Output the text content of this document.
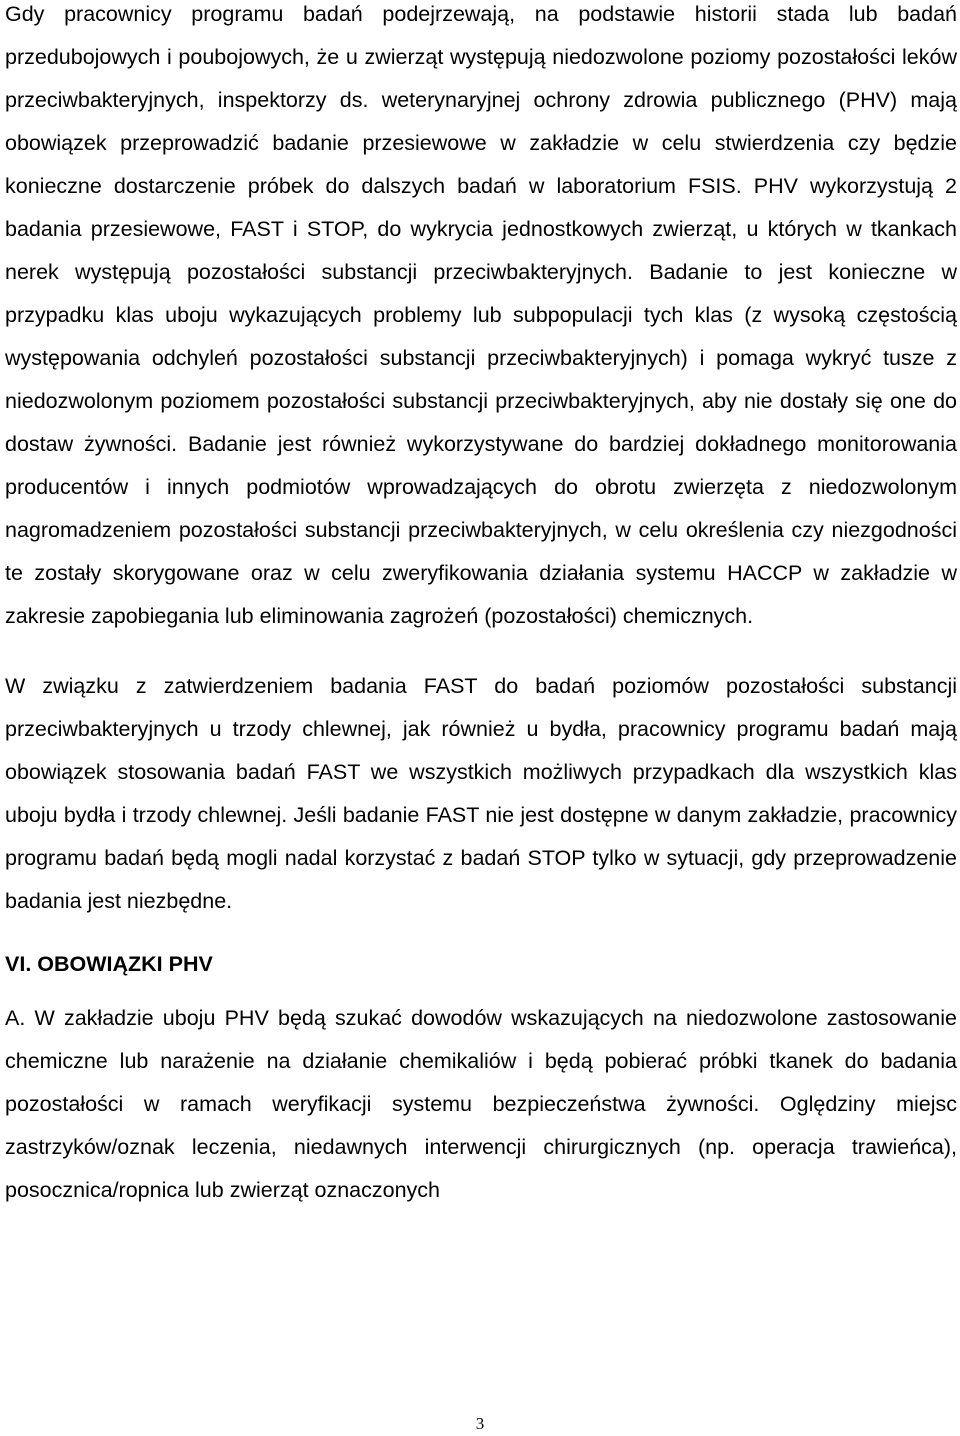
Gdy pracownicy programu badań podejrzewają, na podstawie historii stada lub badań przedubojowych i poubojowych, że u zwierząt występują niedozwolone poziomy pozostałości leków przeciwbakteryjnych, inspektorzy ds. weterynaryjnej ochrony zdrowia publicznego (PHV) mają obowiązek przeprowadzić badanie przesiewowe w zakładzie w celu stwierdzenia czy będzie konieczne dostarczenie próbek do dalszych badań w laboratorium FSIS. PHV wykorzystują 2 badania przesiewowe, FAST i STOP, do wykrycia jednostkowych zwierząt, u których w tkankach nerek występują pozostałości substancji przeciwbakteryjnych. Badanie to jest konieczne w przypadku klas uboju wykazujących problemy lub subpopulacji tych klas (z wysoką częstością występowania odchyleń pozostałości substancji przeciwbakteryjnych) i pomaga wykryć tusze z niedozwolonym poziomem pozostałości substancji przeciwbakteryjnych, aby nie dostały się one do dostaw żywności. Badanie jest również wykorzystywane do bardziej dokładnego monitorowania producentów i innych podmiotów wprowadzających do obrotu zwierzęta z niedozwolonym nagromadzeniem pozostałości substancji przeciwbakteryjnych, w celu określenia czy niezgodności te zostały skorygowane oraz w celu zweryfikowania działania systemu HACCP w zakładzie w zakresie zapobiegania lub eliminowania zagrożeń (pozostałości) chemicznych.

W związku z zatwierdzeniem badania FAST do badań poziomów pozostałości substancji przeciwbakteryjnych u trzody chlewnej, jak również u bydła, pracownicy programu badań mają obowiązek stosowania badań FAST we wszystkich możliwych przypadkach dla wszystkich klas uboju bydła i trzody chlewnej. Jeśli badanie FAST nie jest dostępne w danym zakładzie, pracownicy programu badań będą mogli nadal korzystać z badań STOP tylko w sytuacji, gdy przeprowadzenie badania jest niezbędne.

VI. OBOWIĄZKI PHV

A. W zakładzie uboju PHV będą szukać dowodów wskazujących na niedozwolone zastosowanie chemiczne lub narażenie na działanie chemikaliów i będą pobierać próbki tkanek do badania pozostałości w ramach weryfikacji systemu bezpieczeństwa żywności. Oględziny miejsc zastrzyków/oznak leczenia, niedawnych interwencji chirurgicznych (np. operacja trawieńca), posocznica/ropnica lub zwierząt oznaczonych

3
